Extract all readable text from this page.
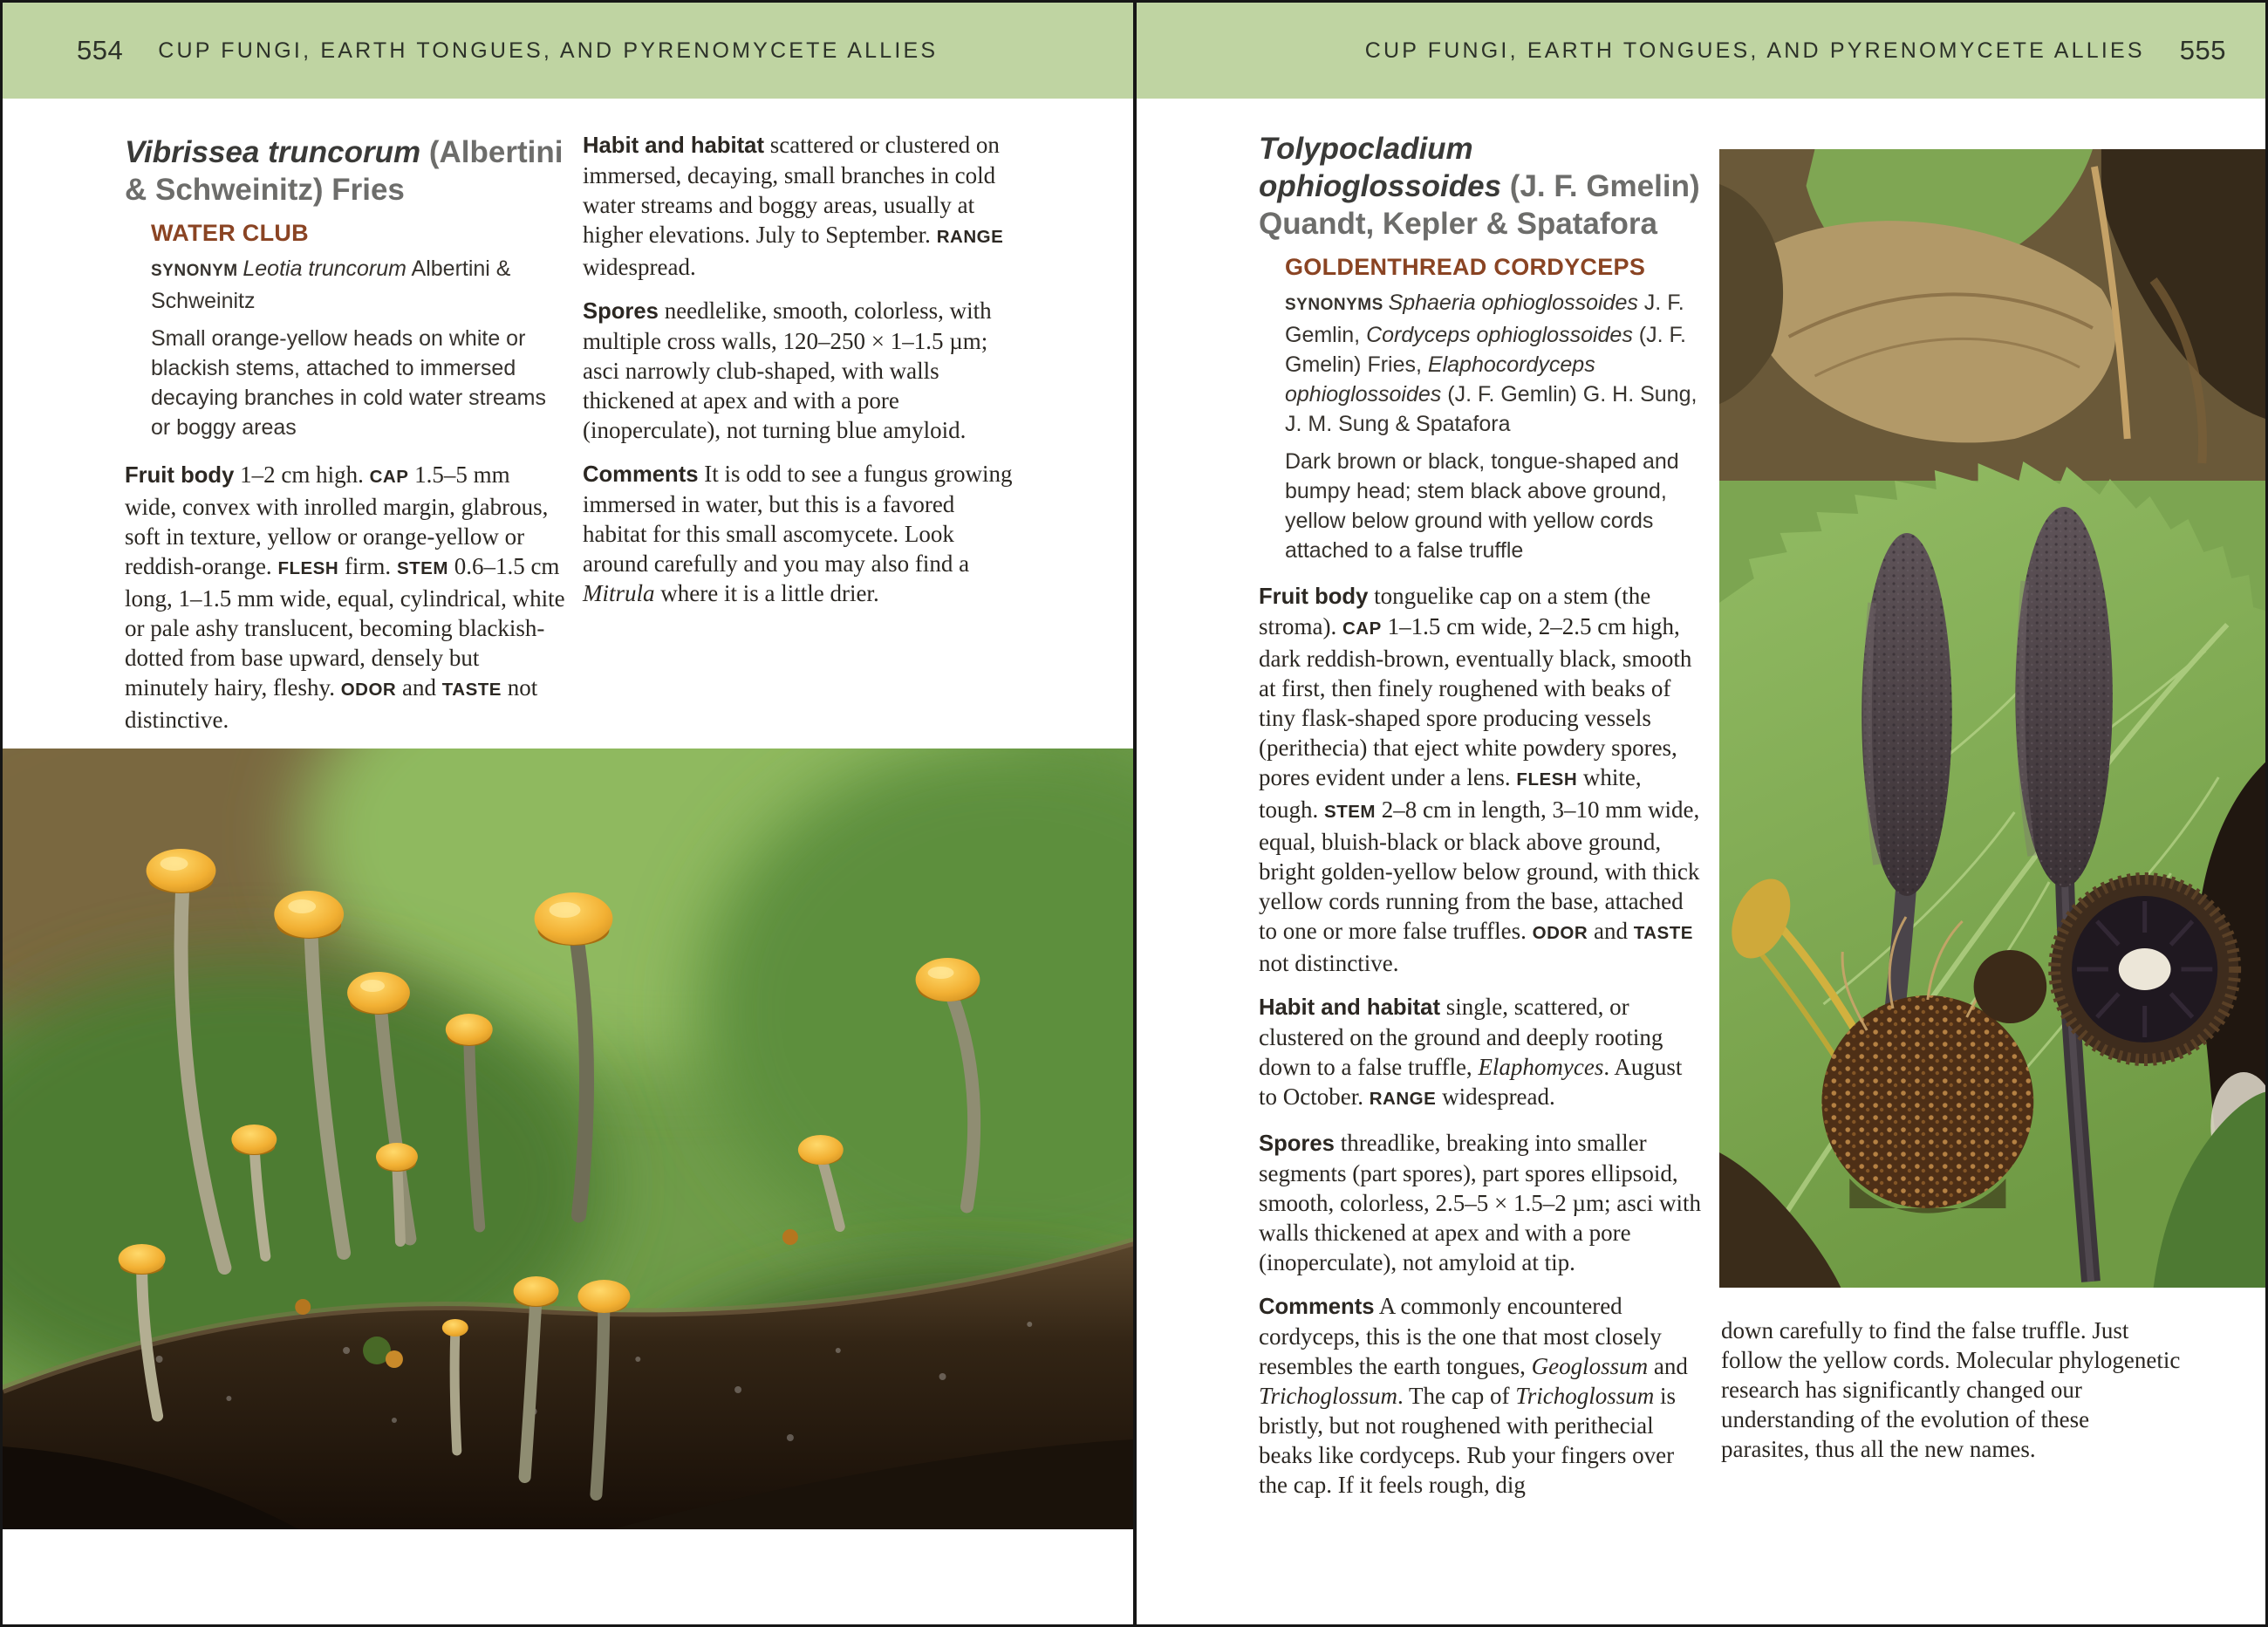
554 CUP FUNGI, EARTH TONGUES, AND PYRENOMYCETE ALLIES	CUP FUNGI, EARTH TONGUES, AND PYRENOMYCETE ALLIES 555
Vibrissea truncorum (Albertini & Schweinitz) Fries
WATER CLUB

SYNONYM Leotia truncorum Albertini & Schweinitz

Small orange-yellow heads on white or blackish stems, attached to immersed decaying branches in cold water streams or boggy areas

Fruit body 1–2 cm high. CAP 1.5–5 mm wide, convex with inrolled margin, glabrous, soft in texture, yellow or orange-yellow or reddish-orange. FLESH firm. STEM 0.6–1.5 cm long, 1–1.5 mm wide, equal, cylindrical, white or pale ashy translucent, becoming blackish-dotted from base upward, densely but minutely hairy, fleshy. ODOR and TASTE not distinctive.

Habit and habitat scattered or clustered on immersed, decaying, small branches in cold water streams and boggy areas, usually at higher elevations. July to September. RANGE widespread.

Spores needlelike, smooth, colorless, with multiple cross walls, 120–250 × 1–1.5 µm; asci narrowly club-shaped, with walls thickened at apex and with a pore (inoperculate), not turning blue amyloid.

Comments It is odd to see a fungus growing immersed in water, but this is a favored habitat for this small ascomycete. Look around carefully and you may also find a Mitrula where it is a little drier.

Tolypocladium ophioglossoides (J. F. Gmelin) Quandt, Kepler & Spatafora
GOLDENTHREAD CORDYCEPS

SYNONYMS Sphaeria ophioglossoides J. F. Gemlin, Cordyceps ophioglossoides (J. F. Gmelin) Fries, Elaphocordyceps ophioglossoides (J. F. Gemlin) G. H. Sung, J. M. Sung & Spatafora

Dark brown or black, tongue-shaped and bumpy head; stem black above ground, yellow below ground with yellow cords attached to a false truffle

Fruit body tonguelike cap on a stem (the stroma). CAP 1–1.5 cm wide, 2–2.5 cm high, dark reddish-brown, eventually black, smooth at first, then finely roughened with beaks of tiny flask-shaped spore producing vessels (perithecia) that eject white powdery spores, pores evident under a lens. FLESH white, tough. STEM 2–8 cm in length, 3–10 mm wide, equal, bluish-black or black above ground, bright golden-yellow below ground, with thick yellow cords running from the base, attached to one or more false truffles. ODOR and TASTE not distinctive.

Habit and habitat single, scattered, or clustered on the ground and deeply rooting down to a false truffle, Elaphomyces. August to October. RANGE widespread.

Spores threadlike, breaking into smaller segments (part spores), part spores ellipsoid, smooth, colorless, 2.5–5 × 1.5–2 µm; asci with walls thickened at apex and with a pore (inoperculate), not amyloid at tip.

Comments A commonly encountered cordyceps, this is the one that most closely resembles the earth tongues, Geoglossum and Trichoglossum. The cap of Trichoglossum is bristly, but not roughened with perithecial beaks like cordyceps. Rub your fingers over the cap. If it feels rough, dig

down carefully to find the false truffle. Just follow the yellow cords. Molecular phylogenetic research has significantly changed our understanding of the evolution of these parasites, thus all the new names.
